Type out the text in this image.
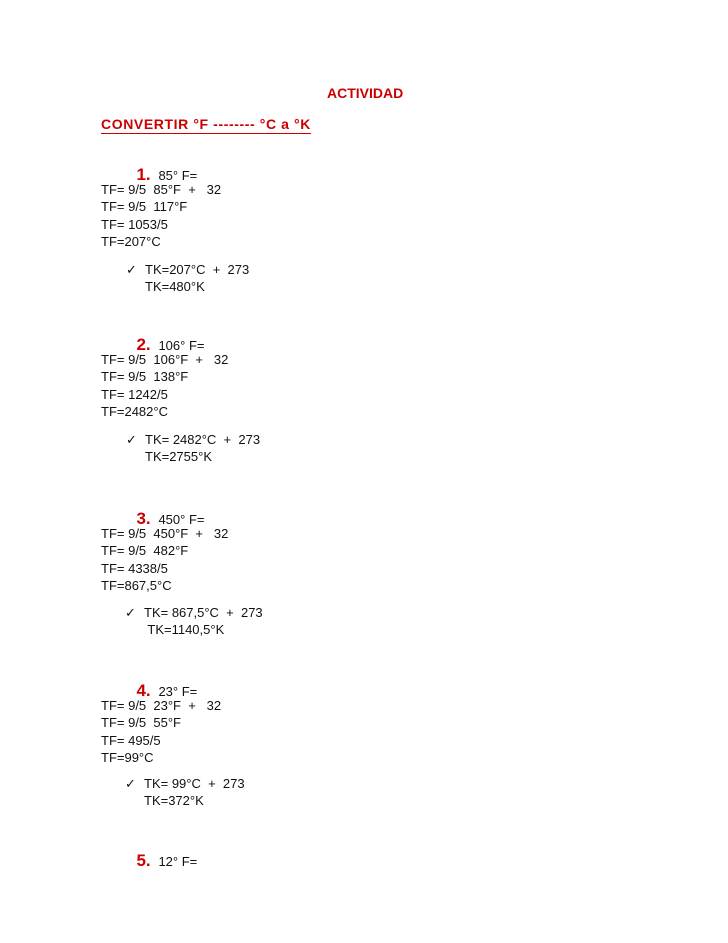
ACTIVIDAD
CONVERTIR °F -------- °C a °K

1. 85° F=

TF= 9/5  85°F  +   32
TF= 9/5  117°F
TF= 1053/5
TF=207°C
✓ TK=207°C  +  273
TK=480°K

2. 106° F=

TF= 9/5  106°F  +   32
TF= 9/5  138°F
TF= 1242/5
TF=2482°C
✓ TK= 2482°C  +  273
TK=2755°K

3. 450° F=

TF= 9/5  450°F  +   32
TF= 9/5  482°F
TF= 4338/5
TF=867,5°C
✓ TK= 867,5°C  +  273
TK=1140,5°K

4. 23° F=

TF= 9/5  23°F  +   32
TF= 9/5  55°F
TF= 495/5
TF=99°C
✓ TK= 99°C  +  273
TK=372°K

5. 12° F=
